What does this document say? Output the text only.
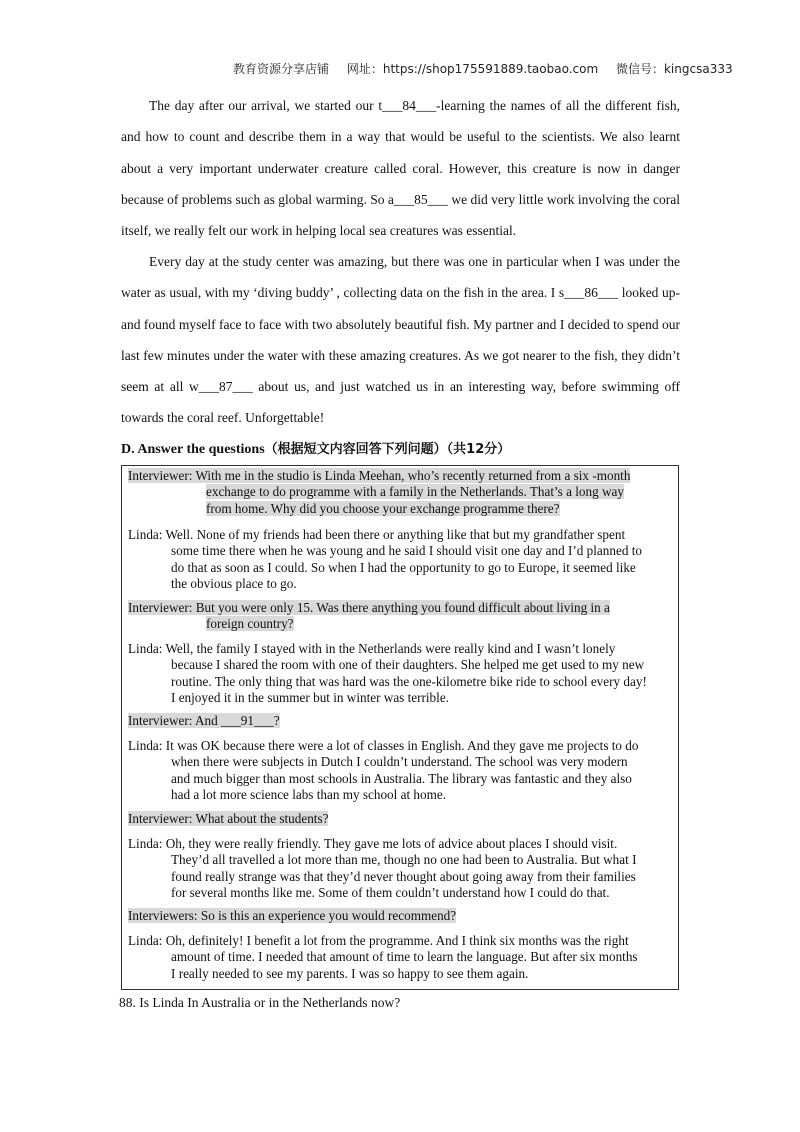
教育资源分享店铺 网址：https://shop175591889.taobao.com 微信号：kingcsa333
The day after our arrival, we started our t___84___-learning the names of all the different fish, and how to count and describe them in a way that would be useful to the scientists. We also learnt about a very important underwater creature called coral. However, this creature is now in danger because of problems such as global warming. So a___85___ we did very little work involving the coral itself, we really felt our work in helping local sea creatures was essential.
Every day at the study center was amazing, but there was one in particular when I was under the water as usual, with my ‘diving buddy’ , collecting data on the fish in the area. I s___86___ looked up-and found myself face to face with two absolutely beautiful fish. My partner and I decided to spend our last few minutes under the water with these amazing creatures. As we got nearer to the fish, they didn’t seem at all w___87___ about us, and just watched us in an interesting way, before swimming off towards the coral reef. Unforgettable!
D. Answer the questions（根据短文内容回答下列问题）（共12分）
Interviewer: With me in the studio is Linda Meehan, who’s recently returned from a six -month
exchange to do programme with a family in the Netherlands. That’s a long way
from home. Why did you choose your exchange programme there?
Linda: Well. None of my friends had been there or anything like that but my grandfather spent
some time there when he was young and he said I should visit one day and I’d planned to
do that as soon as I could. So when I had the opportunity to go to Europe, it seemed like
the obvious place to go.
Interviewer: But you were only 15. Was there anything you found difficult about living in a
foreign country?
Linda: Well, the family I stayed with in the Netherlands were really kind and I wasn’t lonely
because I shared the room with one of their daughters. She helped me get used to my new
routine. The only thing that was hard was the one-kilometre bike ride to school every day!
I enjoyed it in the summer but in winter was terrible.
Interviewer: And ___91___?
Linda: It was OK because there were a lot of classes in English. And they gave me projects to do
when there were subjects in Dutch I couldn’t understand. The school was very modern
and much bigger than most schools in Australia. The library was fantastic and they also
had a lot more science labs than my school at home.
Interviewer: What about the students?
Linda: Oh, they were really friendly. They gave me lots of advice about places I should visit.
They’d all travelled a lot more than me, though no one had been to Australia. But what I
found really strange was that they’d never thought about going away from their families
for several months like me. Some of them couldn’t understand how I could do that.
Interviewers: So is this an experience you would recommend?
Linda: Oh, definitely! I benefit a lot from the programme. And I think six months was the right
amount of time. I needed that amount of time to learn the language. But after six months
I really needed to see my parents. I was so happy to see them again.
88. Is Linda In Australia or in the Netherlands now?
